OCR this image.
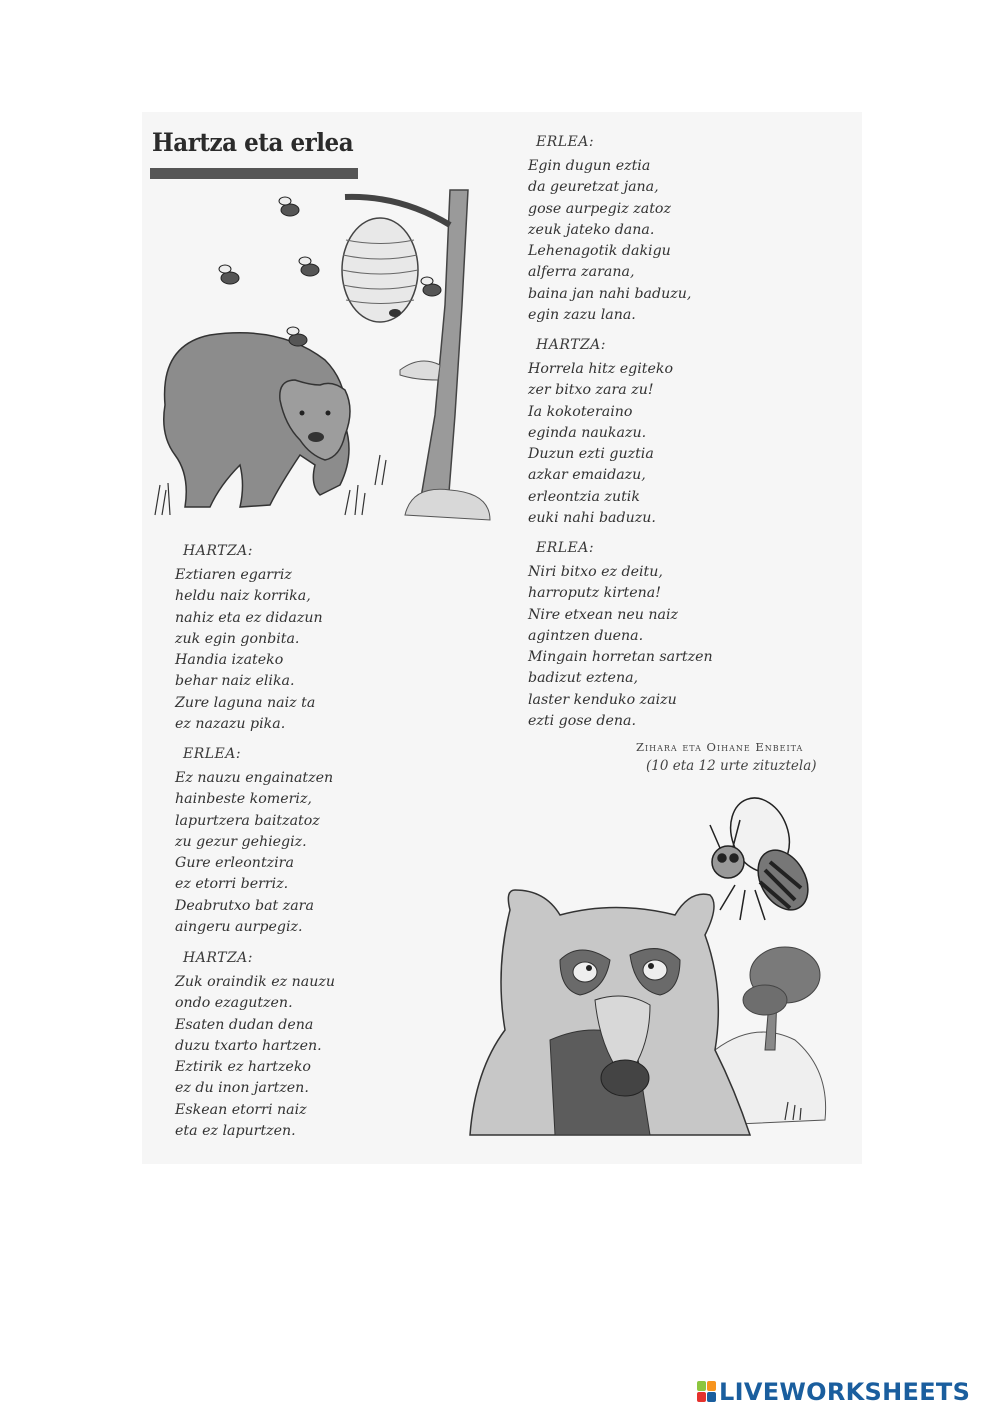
Hartza eta erlea
HARTZA:
Eztiaren egarriz
heldu naiz korrika,
nahiz eta ez didazun
zuk egin gonbita.
Handia izateko
behar naiz elika.
Zure laguna naiz ta
ez nazazu pika.
ERLEA:
Ez nauzu engainatzen
hainbeste komeriz,
lapurtzera baitzatoz
zu gezur gehiegiz.
Gure erleontzira
ez etorri berriz.
Deabrutxo bat zara
aingeru aurpegiz.
HARTZA:
Zuk oraindik ez nauzu
ondo ezagutzen.
Esaten dudan dena
duzu txarto hartzen.
Eztirik ez hartzeko
ez du inon jartzen.
Eskean etorri naiz
eta ez lapurtzen.
ERLEA:
Egin dugun eztia
da geuretzat jana,
gose aurpegiz zatoz
zeuk jateko dana.
Lehenagotik dakigu
alferra zarana,
baina jan nahi baduzu,
egin zazu lana.
HARTZA:
Horrela hitz egiteko
zer bitxo zara zu!
Ia kokoteraino
eginda naukazu.
Duzun ezti guztia
azkar emaidazu,
erleontzia zutik
euki nahi baduzu.
ERLEA:
Niri bitxo ez deitu,
harroputz kirtena!
Nire etxean neu naiz
agintzen duena.
Mingain horretan sartzen
badizut eztena,
laster kenduko zaizu
ezti gose dena.
Zihara eta Oihane Enbeita
(10 eta 12 urte zituztela)
LIVEWORKSHEETS
